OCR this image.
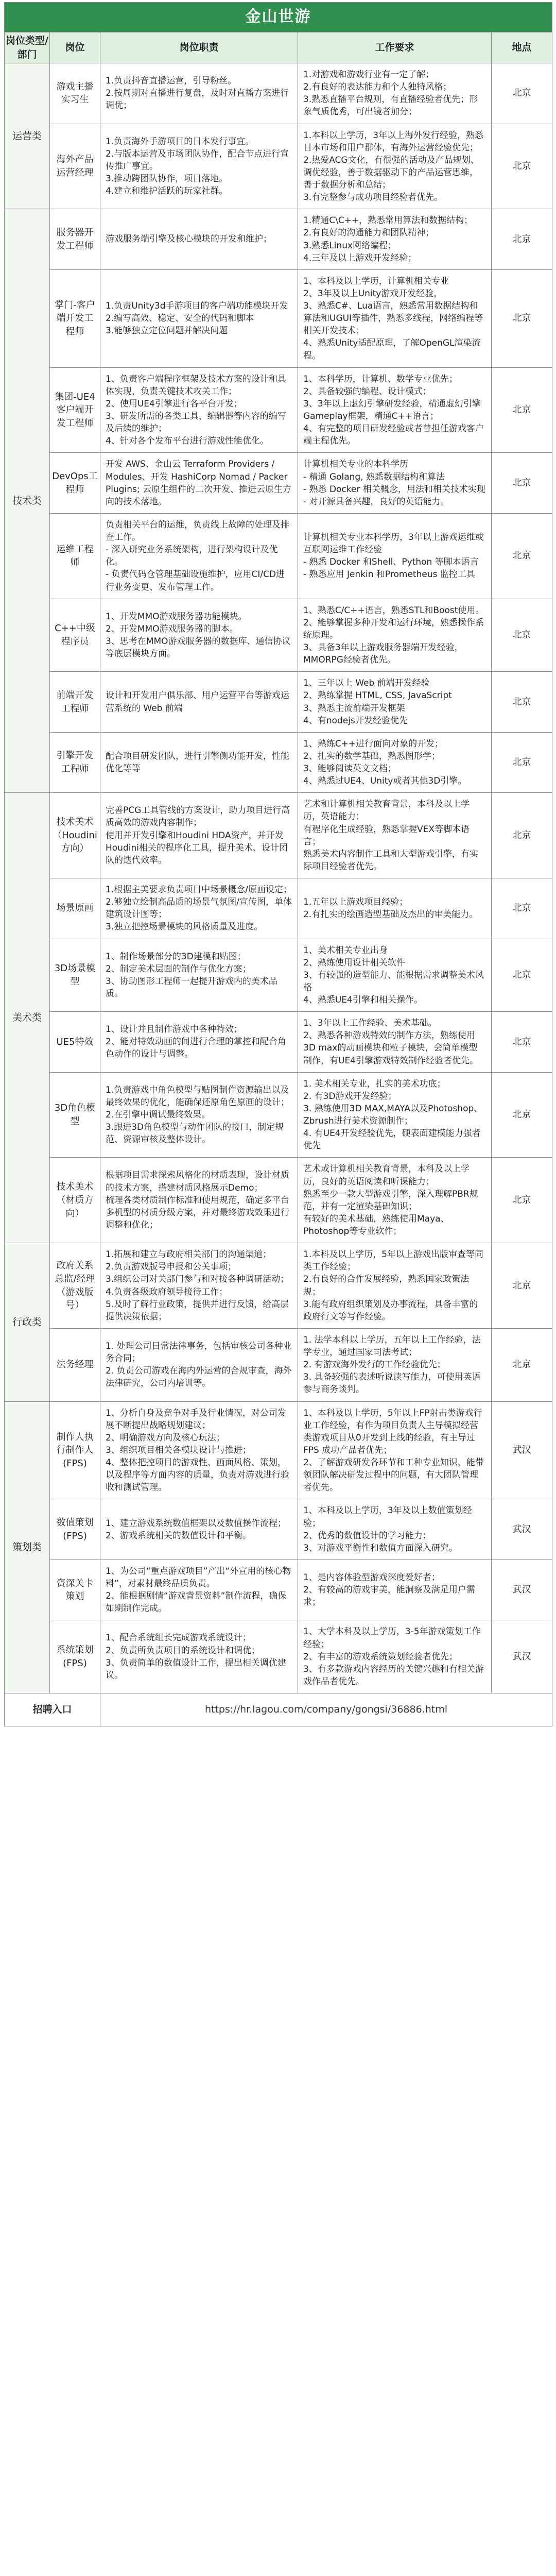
金山世游				
岗位类型/部门	岗位	岗位职责	工作要求	地点
运营类	游戏主播实习生	1.负责抖音直播运营，引导粉丝。
2.按周期对直播进行复盘，及时对直播方案进行调优；	1.对游戏和游戏行业有一定了解；
2.有良好的表达能力和个人独特风格；
3.熟悉直播平台规则，有直播经验者优先；形象气质优秀，可出镜者加分；	北京
	海外产品运营经理	1.负责海外手游项目的日本发行事宜。
2.与版本运营及市场团队协作，配合节点进行宣传推广事宜。
3.推动跨团队协作，项目落地。
4.建立和维护活跃的玩家社群。	1.本科以上学历，3年以上海外发行经验，熟悉日本市场和用户群体，有海外运营经验优先；
2.热爱ACG文化，有很强的活动及产品规划、调优经验，善于数据驱动下的产品运营思维，善于数据分析和总结；
3.有完整参与成功项目经验者优先。	北京
技术类	服务器开发工程师	游戏服务端引擎及核心模块的开发和维护；	1.精通C\C++，熟悉常用算法和数据结构；
2.有良好的沟通能力和团队精神；
3.熟悉Linux网络编程；
4.三年及以上游戏开发经验；	北京
	掌门-客户端开发工程师	1.负责Unity3d手游项目的客户端功能模块开发
2.编写高效、稳定、安全的代码和脚本
3.能够独立定位问题并解决问题	1、本科及以上学历，计算机相关专业
2、3年及以上Unity游戏开发经验，
3、熟悉C#、Lua语言，熟悉常用数据结构和算法和UGUI等插件，熟悉多线程，网络编程等相关开发技术；
4、熟悉Unity适配原理，了解OpenGL渲染流程。	北京
	集团-UE4客户端开发工程师	1、负责客户端程序框架及技术方案的设计和具体实现，负责关键技术攻关工作；
2、使用UE4引擎进行各平台开发；
3、研发所需的各类工具，编辑器等内容的编写及后续的维护；
4、针对各个发布平台进行游戏性能优化。	1、本科学历，计算机、数学专业优先；
2、具备较强的编程、设计模式；
3、3年以上虚幻引擎研发经验，精通虚幻引擎Gameplay框架，精通C++语言；
4、有完整的项目研发经验或者曾担任游戏客户端主程优先。	北京
	DevOps工程师	开发 AWS、金山云 Terraform Providers / Modules、开发 HashiCorp Nomad / Packer Plugins; 云原生组件的二次开发、推进云原生方向的技术落地。	计算机相关专业的本科学历
- 精通 Golang, 熟悉数据结构和算法
- 熟悉 Docker 相关概念，用法和相关技术实现
- 对开源具备兴趣，良好的英语能力。	北京
	运维工程师	负责相关平台的运维，负责线上故障的处理及排查工作。
- 深入研究业务系统架构，进行架构设计及优化。
- 负责代码仓管理基础设施维护，应用CI/CD进行业务变更、发布管理工作。	计算机相关专业本科学历，3年以上游戏运维或互联网运维工作经验
- 熟悉 Docker 和Shell、Python 等脚本语言
- 熟悉应用 Jenkin 和Prometheus 监控工具	北京
	C++中级程序员	1、开发MMO游戏服务器功能模块。
2、开发MMO游戏服务器的脚本。
3、思考在MMO游戏服务器的数据库、通信协议等底层模块方面。	1、熟悉C/C++语言，熟悉STL和Boost使用。
2、能够掌握多种开发和运行环境，熟悉操作系统原理。
3、具备3年以上游戏服务器端开发经验，MMORPG经验者优先。	北京
	前端开发工程师	设计和开发用户俱乐部、用户运营平台等游戏运营系统的 Web 前端	1、三年以上 Web 前端开发经验
2、熟练掌握 HTML, CSS, JavaScript
3、熟悉主流前端开发框架
4、有nodejs开发经验优先	北京
	引擎开发工程师	配合项目研发团队，进行引擎侧功能开发，性能优化等等	1、熟练C++进行面向对象的开发；
2、扎实的数学基础，熟悉图形学；
3、能够阅读英文文档；
4、熟悉过UE4、Unity或者其他3D引擎。	北京
美术类	技术美术（Houdini方向）	完善PCG工具管线的方案设计，助力项目进行高质高效的游戏内容制作；
使用并开发引擎和Houdini HDA资产，并开发Houdini相关的程序化工具，提升美术、设计团队的迭代效率。	艺术和计算机相关教育背景，本科及以上学历，英语能力；
有程序化生成经验，熟悉掌握VEX等脚本语言；
熟悉美术内容制作工具和大型游戏引擎，有实际项目经验者优先。	北京
	场景原画	1.根据主美要求负责项目中场景概念/原画设定；
2.够独立绘制高品质的场景气氛图/宣传图，单体建筑设计图等；
3.独立把控场景模块的风格质量及进度。	1.五年以上游戏项目经验；
2.有扎实的绘画造型基础及杰出的审美能力。	北京
	3D场景模型	1、制作场景部分的3D建模和贴图；
2、制定美术层面的制作与优化方案；
3、协助图形工程师一起提升游戏内的美术品质。	1、美术相关专业出身
2、熟练使用设计相关软件
3、有较强的造型能力、能根据需求调整美术风格
4、熟悉UE4引擎和相关操作。	北京
	UE5特效	1、设计并且制作游戏中各种特效；
2、能对特效动画的间进行合理的掌控和配合角色动作的设计与调整。	1、3年以上工作经验、美术基础。
2、熟悉各种游戏特效的制作方法，熟练使用3D max的动画模块和粒子模块，会简单模型制作，有UE4引擎游戏特效制作经验者优先。	北京
	3D角色模型	1.负责游戏中角色模型与贴图制作资源输出以及最终效果的优化，能确保还原角色原画的设计；
2.在引擎中调试最终效果。
3.跟进3D角色模型与动作团队的接口，制定规范、资源审核及整体设计。	1. 美术相关专业，扎实的美术功底；
2. 有3D游戏开发经验；
3. 熟练使用3D MAX,MAYA以及Photoshop、Zbrush进行美术资源制作；
4. 有UE4开发经验优先，硬表面建模能力强者优先	北京
	技术美术（材质方向）	根据项目需求探索风格化的材质表现，设计材质的技术方案，搭建材质风格展示Demo；
梳理各类材质制作标准和使用规范，确定多平台多机型的材质分级方案，并对最终游戏效果进行调整和优化；	艺术或计算机相关教育背景，本科及以上学历，良好的英语阅读和听课能力；
熟悉至少一款大型游戏引擎，深入理解PBR规范，并有一定渲染基础知识；
有较好的美术基础，熟练使用Maya、Photoshop等专业软件；	北京
行政类	政府关系总监/经理（游戏版号）	1.拓展和建立与政府相关部门的沟通渠道；
2.负责游戏版号申报和公关事项；
3.组织公司对关部门参与和对接各种调研活动；
4.负责各级政府领导接待工作；
5.及时了解行业政策，提供并进行反馈，给高层提供决策依据；	1.本科及以上学历，5年以上游戏出版审查等同类工作经验；
2.有良好的合作发展经验，熟悉国家政策法规；
3.能有政府组织策划及办事流程，具备丰富的政府行文等写作经验。	北京
	法务经理	1. 处理公司日常法律事务，包括审核公司各种业务合同；
2. 负责公司游戏在海内外运营的合规审查，海外法律研究，公司内培训等。	1. 法学本科以上学历，五年以上工作经验，法学专业，通过国家司法考试；
2. 有游戏海外发行的工作经验优先；
3. 具备较强的表述听说读写能力，可使用英语参与商务谈判。	北京
策划类	制作人执行制作人(FPS)	1、分析自身及竞争对手及行业情况，对公司发展不断提出战略规划建议；
2、明确游戏方向及核心玩法；
3、组织项目相关各模块设计与推进；
4、整体把控项目的游戏性、画面风格、策划，以及程序等方面内容的质量，负责对游戏进行验收和测试管理。	1、本科及以上学历，5年以上FP射击类游戏行业工作经验，有作为项目负责人主导模拟经营类游戏项目从0开发到上线的经验，有主导过 FPS 成功产品者优先；
2、了解游戏研发各环节和工种专业知识，能带领团队解决研发过程中的问题，有大团队管理者优先。	武汉
	数值策划(FPS)	1、建立游戏系统数值框架以及数值操作流程；
2、游戏系统相关的数值设计和平衡。	1、本科及以上学历，3年及以上数值策划经验；
2、优秀的数值设计的学习能力；
3、对游戏平衡性和数值方面深入研究。	武汉
	资深关卡策划	1、为公司“重点游戏项目”产出“外宣用的核心物料”，对素材最终品质负责。
2、能根据剧情“游戏背景资料”制作流程，确保如期制作完成。	1、是内容体验型游戏深度爱好者；
2、有较高的游戏审美，能洞察及满足用户需求；	武汉
	系统策划(FPS)	1、配合系统组长完成游戏系统设计；
2、负责所负责项目的系统设计和调优；
3、负责简单的数值设计工作，提出相关调优建议。	1、大学本科及以上学历，3-5年游戏策划工作经验；
2、有丰富的游戏系统策划经验者优先；
3、有多款游戏内容经历的关键兴趣和有相关游戏作品者优先。	武汉
招聘入口		https://hr.lagou.com/company/gongsi/36886.html		
